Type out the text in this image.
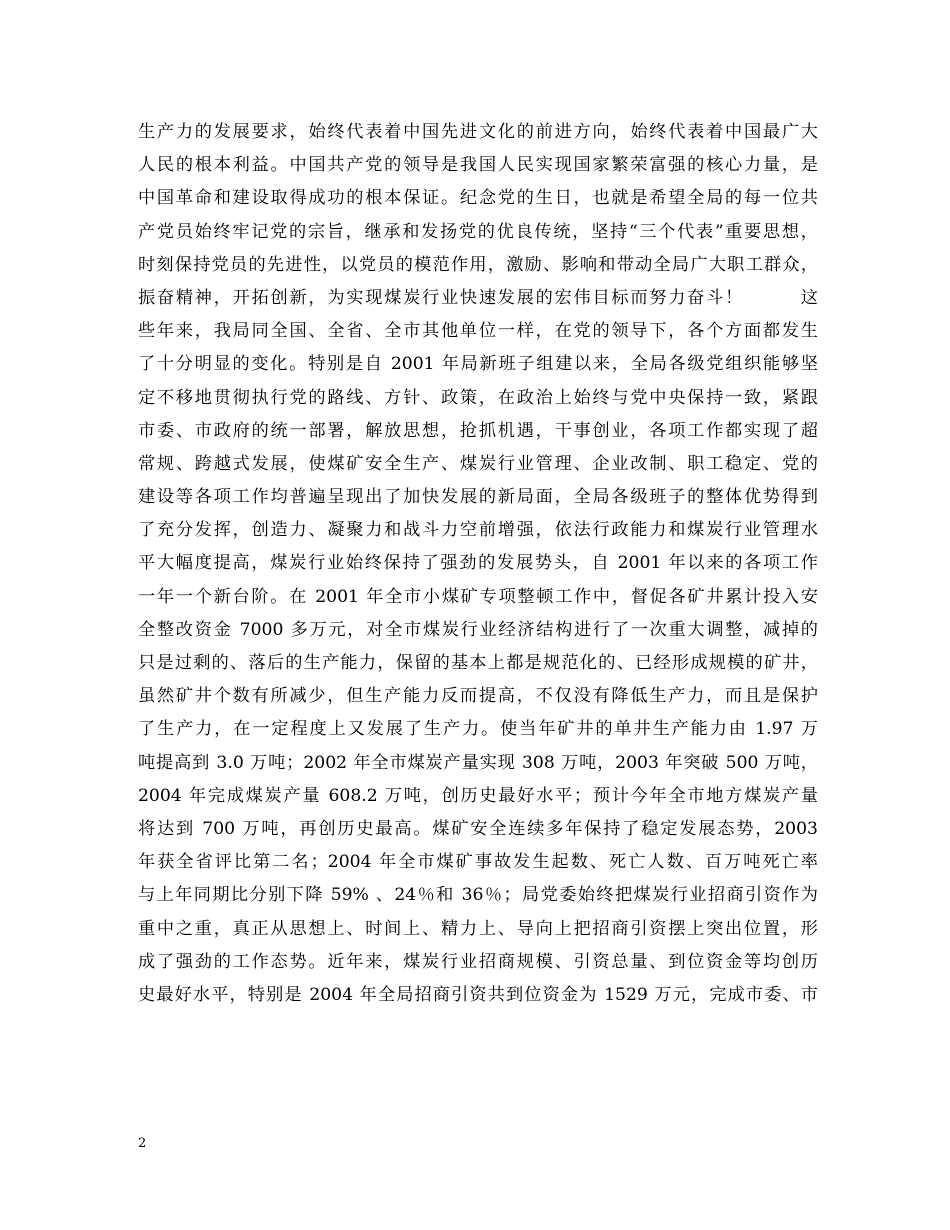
生产力的发展要求，始终代表着中国先进文化的前进方向，始终代表着中国最广大
人民的根本利益。中国共产党的领导是我国人民实现国家繁荣富强的核心力量，是
中国革命和建设取得成功的根本保证。纪念党的生日，也就是希望全局的每一位共
产党员始终牢记党的宗旨，继承和发扬党的优良传统，坚持“三个代表”重要思想，
时刻保持党员的先进性，以党员的模范作用，激励、影响和带动全局广大职工群众，
振奋精神，开拓创新，为实现煤炭行业快速发展的宏伟目标而努力奋斗！　　　这
些年来，我局同全国、全省、全市其他单位一样，在党的领导下，各个方面都发生
了十分明显的变化。特别是自 2001 年局新班子组建以来，全局各级党组织能够坚
定不移地贯彻执行党的路线、方针、政策，在政治上始终与党中央保持一致，紧跟
市委、市政府的统一部署，解放思想，抢抓机遇，干事创业，各项工作都实现了超
常规、跨越式发展，使煤矿安全生产、煤炭行业管理、企业改制、职工稳定、党的
建设等各项工作均普遍呈现出了加快发展的新局面，全局各级班子的整体优势得到
了充分发挥，创造力、凝聚力和战斗力空前增强，依法行政能力和煤炭行业管理水
平大幅度提高，煤炭行业始终保持了强劲的发展势头，自 2001 年以来的各项工作
一年一个新台阶。在 2001 年全市小煤矿专项整顿工作中，督促各矿井累计投入安
全整改资金 7000 多万元，对全市煤炭行业经济结构进行了一次重大调整，减掉的
只是过剩的、落后的生产能力，保留的基本上都是规范化的、已经形成规模的矿井，
虽然矿井个数有所减少，但生产能力反而提高，不仅没有降低生产力，而且是保护
了生产力，在一定程度上又发展了生产力。使当年矿井的单井生产能力由 1.97 万
吨提高到 3.0 万吨；2002 年全市煤炭产量实现 308 万吨，2003 年突破 500 万吨，
2004 年完成煤炭产量 608.2 万吨，创历史最好水平；预计今年全市地方煤炭产量
将达到 700 万吨，再创历史最高。煤矿安全连续多年保持了稳定发展态势，2003
年获全省评比第二名；2004 年全市煤矿事故发生起数、死亡人数、百万吨死亡率
与上年同期比分别下降 59% 、24％和 36％；局党委始终把煤炭行业招商引资作为
重中之重，真正从思想上、时间上、精力上、导向上把招商引资摆上突出位置，形
成了强劲的工作态势。近年来，煤炭行业招商规模、引资总量、到位资金等均创历
史最好水平，特别是 2004 年全局招商引资共到位资金为 1529 万元，完成市委、市
2
